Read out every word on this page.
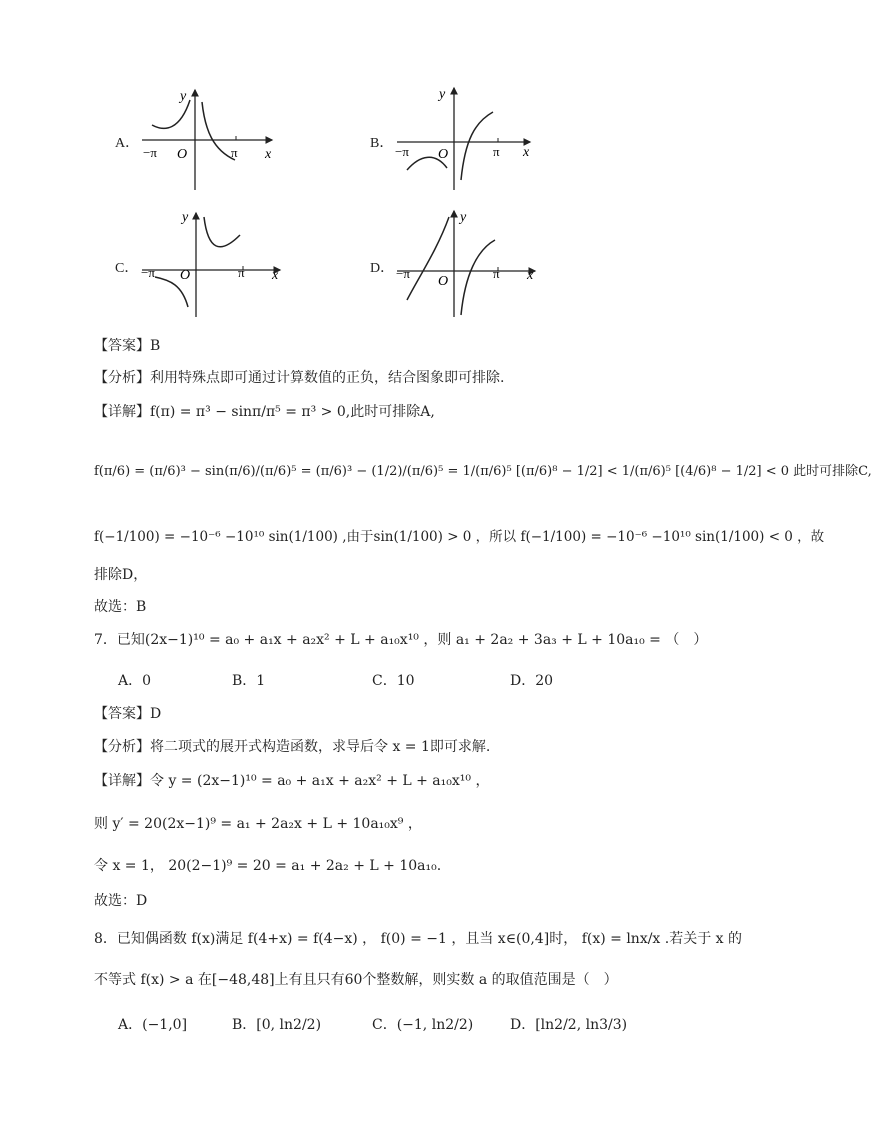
A．
y
x
O
−π	π
B．
y
x
O
−π	π
C．
y
x
O
−π	π	D．
y
x
O
−π	π
【答案】B
【分析】利用特殊点即可通过计算数值的正负，结合图象即可排除.
【详解】f(π) = π³ − sinπ/π⁵ = π³ > 0,此时可排除A,
f(π/6) = (π/6)³ − sin(π/6)/(π/6)⁵ = (π/6)³ − (1/2)/(π/6)⁵ = 1/(π/6)⁵ [(π/6)⁸ − 1/2] < 1/(π/6)⁵ [(4/6)⁸ − 1/2] < 0 此时可排除C,
f(−1/100) = −10⁻⁶ −10¹⁰ sin(1/100) ,由于sin(1/100) > 0 ，所以 f(−1/100) = −10⁻⁶ −10¹⁰ sin(1/100) < 0 ，故
排除D，
故选：B
7．已知(2x−1)¹⁰ = a₀ + a₁x + a₂x² + L + a₁₀x¹⁰ ，则 a₁ + 2a₂ + 3a₃ + L + 10a₁₀ = （　）
A．0	B．1	C．10	D．20
【答案】D
【分析】将二项式的展开式构造函数，求导后令 x = 1即可求解.
【详解】令 y = (2x−1)¹⁰ = a₀ + a₁x + a₂x² + L + a₁₀x¹⁰ ，
则 y′ = 20(2x−1)⁹ = a₁ + 2a₂x + L + 10a₁₀x⁹ ，
令 x = 1， 20(2−1)⁹ = 20 = a₁ + 2a₂ + L + 10a₁₀.
故选：D
8．已知偶函数 f(x)满足 f(4+x) = f(4−x) ， f(0) = −1 ，且当 x∈(0,4]时， f(x) = lnx/x .若关于 x 的
不等式 f(x) > a 在[−48,48]上有且只有60个整数解，则实数 a 的取值范围是（　）
A．(−1,0]	B．[0, ln2/2)	C．(−1, ln2/2)	D．[ln2/2, ln3/3)
